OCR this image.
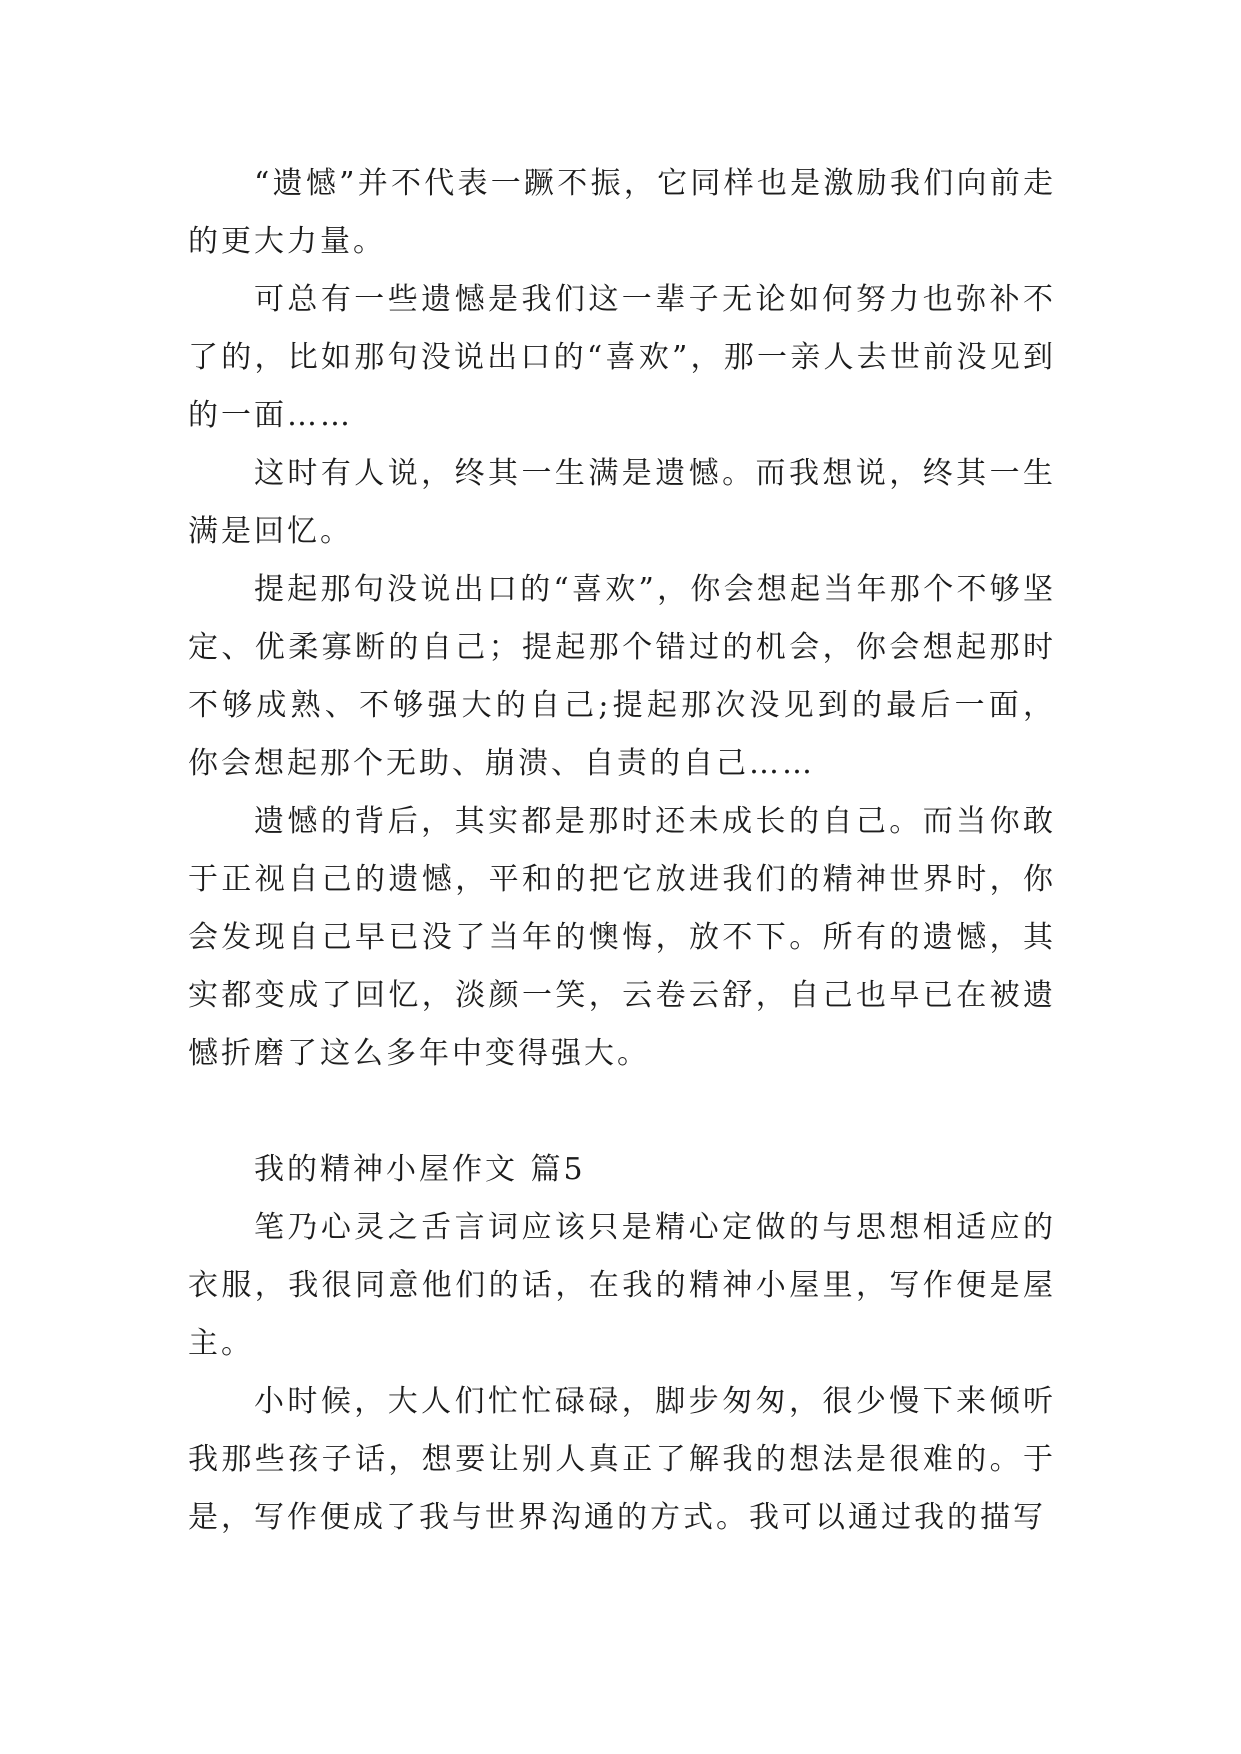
“遗憾”并不代表一蹶不振，它同样也是激励我们向前走的更大力量。

可总有一些遗憾是我们这一辈子无论如何努力也弥补不了的，比如那句没说出口的“喜欢”，那一亲人去世前没见到的一面……

这时有人说，终其一生满是遗憾。而我想说，终其一生满是回忆。

提起那句没说出口的“喜欢”，你会想起当年那个不够坚定、优柔寡断的自己；提起那个错过的机会，你会想起那时不够成熟、不够强大的自己;提起那次没见到的最后一面，你会想起那个无助、崩溃、自责的自己……

遗憾的背后，其实都是那时还未成长的自己。而当你敢于正视自己的遗憾，平和的把它放进我们的精神世界时，你会发现自己早已没了当年的懊悔，放不下。所有的遗憾，其实都变成了回忆，淡颜一笑，云卷云舒，自己也早已在被遗憾折磨了这么多年中变得强大。

我的精神小屋作文 篇5

笔乃心灵之舌言词应该只是精心定做的与思想相适应的衣服，我很同意他们的话，在我的精神小屋里，写作便是屋主。

小时候，大人们忙忙碌碌，脚步匆匆，很少慢下来倾听我那些孩子话，想要让别人真正了解我的想法是很难的。于是，写作便成了我与世界沟通的方式。我可以通过我的描写
